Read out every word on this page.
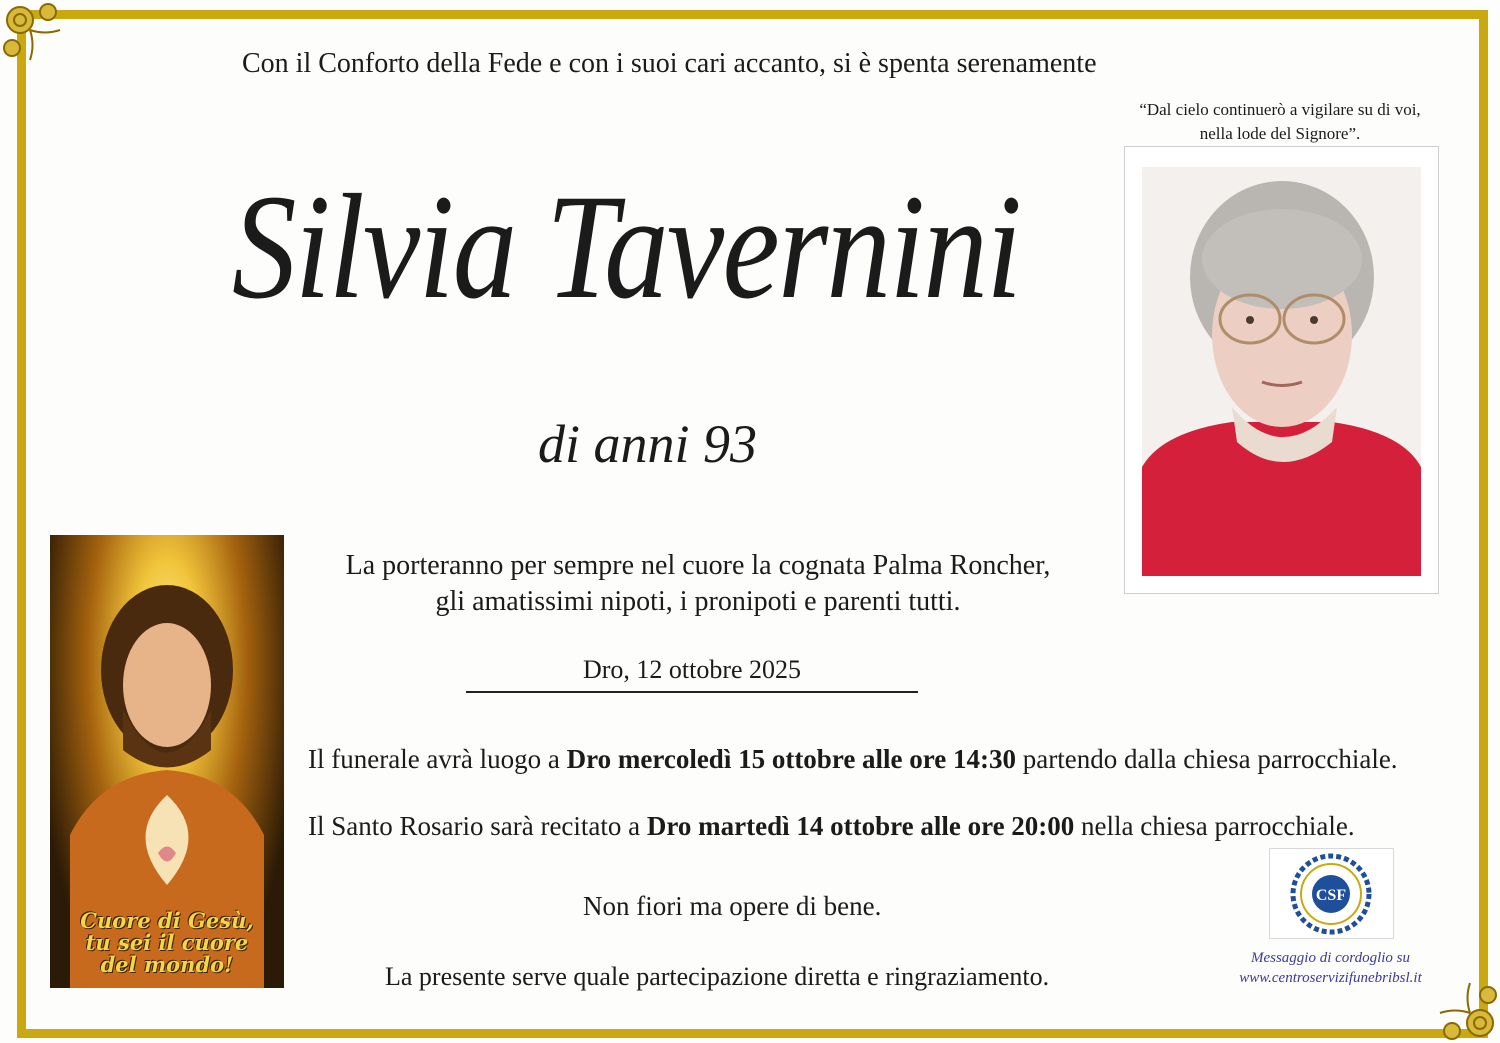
Con il Conforto della Fede e con i suoi cari accanto, si è spenta serenamente
“Dal cielo continuerò a vigilare su di voi,
nella lode del Signore”.
Silvia Tavernini
di anni 93
Cuore di Gesù,
tu sei il cuore
del mondo!
La porteranno per sempre nel cuore la cognata Palma Roncher,
gli amatissimi nipoti, i pronipoti e parenti tutti.
Dro, 12 ottobre 2025
Il funerale avrà luogo a Dro mercoledì 15 ottobre alle ore 14:30 partendo dalla chiesa parrocchiale.
Il Santo Rosario sarà recitato a Dro martedì 14 ottobre alle ore 20:00 nella chiesa parrocchiale.
Non fiori ma opere di bene.
La presente serve quale partecipazione diretta e ringraziamento.
CSF
Messaggio di cordoglio su
www.centroservizifunebribsl.it
